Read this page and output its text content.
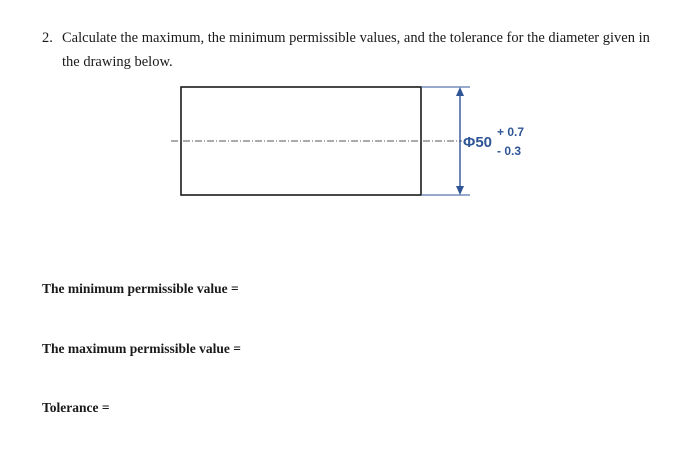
2. Calculate the maximum, the minimum permissible values, and the tolerance for the diameter given in
the drawing below.
Φ50
+ 0.7
- 0.3
The minimum permissible value =
The maximum permissible value =
Tolerance =
